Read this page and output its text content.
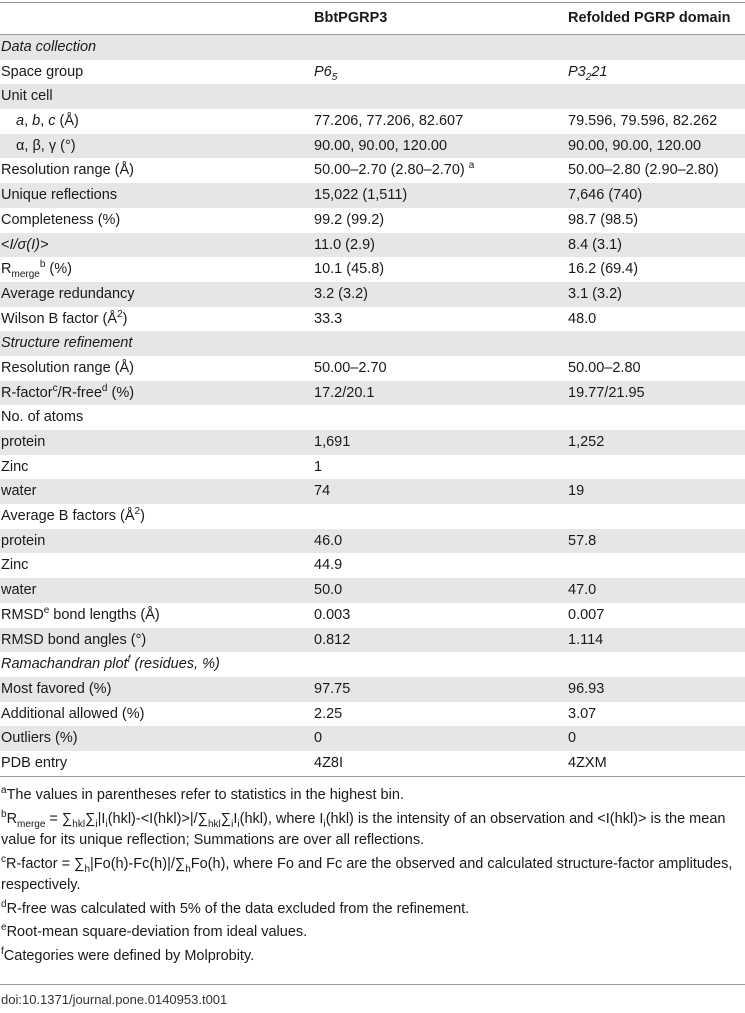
BbtPGRP3	Refolded PGRP domain
Data collection
Space group	$P6_5$	$P3_221$
Unit cell
a, b, c (Å)	77.206, 77.206, 82.607	79.596, 79.596, 82.262
α, β, γ (°)	90.00, 90.00, 120.00	90.00, 90.00, 120.00
Resolution range (Å)	50.00–2.70 (2.80–2.70) $^a$	50.00–2.80 (2.90–2.80)
Unique reflections	15,022 (1,511)	7,646 (740)
Completeness (%)	99.2 (99.2)	98.7 (98.5)
<I/σ(I)>	11.0 (2.9)	8.4 (3.1)
$R_{merge}^b$ (%)	10.1 (45.8)	16.2 (69.4)
Average redundancy	3.2 (3.2)	3.1 (3.2)
Wilson B factor $(Å^2)$	33.3	48.0
Structure refinement
Resolution range (Å)	50.00–2.70	50.00–2.80
R-factor$^c$/R-free$^d$ (%)	17.2/20.1	19.77/21.95
No. of atoms
protein	1,691	1,252
Zinc	1
water	74	19
Average B factors $(Å^2)$
protein	46.0	57.8
Zinc	44.9
water	50.0	47.0
RMSD$^e$ bond lengths (Å)	0.003	0.007
RMSD bond angles (°)	0.812	1.114
Ramachandran plot$^f$ (residues, %)
Most favored (%)	97.75	96.93
Additional allowed (%)	2.25	3.07
Outliers (%)	0	0
PDB entry	4Z8I	4ZXM
$^a$The values in parentheses refer to statistics in the highest bin.
$^bR_{merge} = \sum_{hkl}\sum_i|I_i(hkl)-<I(hkl)>|/\sum_{hkl}\sum_iI_i(hkl)$, where $I_i(hkl)$ is the intensity of an observation and <I(hkl)> is the mean value for its unique reflection; Summations are over all reflections.
$^c$R-factor = $\sum_h|Fo(h)-Fc(h)|/\sum_hFo(h)$, where Fo and Fc are the observed and calculated structure-factor amplitudes, respectively.
$^d$R-free was calculated with 5% of the data excluded from the refinement.
$^e$Root-mean square-deviation from ideal values.
$^f$Categories were defined by Molprobity.
doi:10.1371/journal.pone.0140953.t001
